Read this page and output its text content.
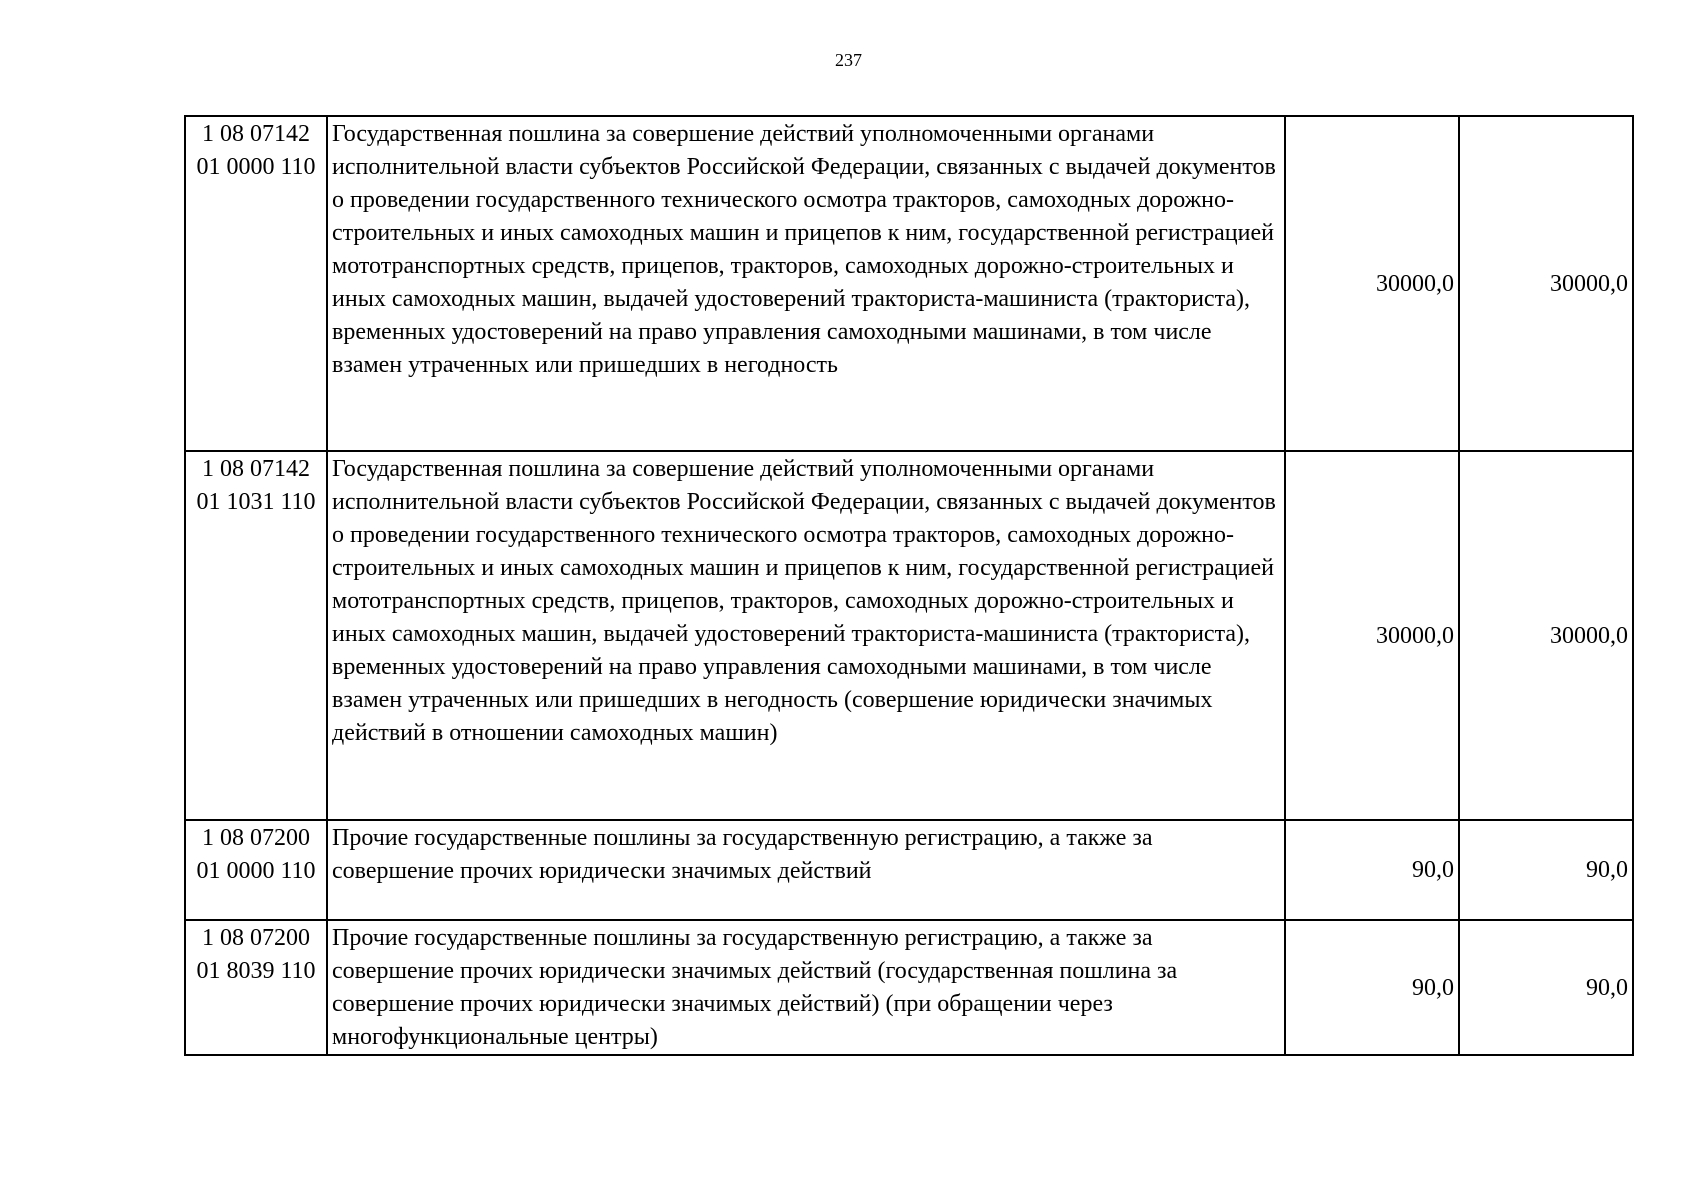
237
1 08 07142
01 0000 110	Государственная пошлина за совершение действий уполномоченными органами исполнительной власти субъектов Российской Федерации, связанных с выдачей документов о проведении государственного технического осмотра тракторов, самоходных дорожно-строительных и иных самоходных машин и прицепов к ним, государственной регистрацией мототранспортных средств, прицепов, тракторов, самоходных дорожно-строительных и иных самоходных машин, выдачей удостоверений тракториста-машиниста (тракториста), временных удостоверений на право управления самоходными машинами, в том числе взамен утраченных или пришедших в негодность	30000,0	30000,0

1 08 07142
01 1031 110	Государственная пошлина за совершение действий уполномоченными органами исполнительной власти субъектов Российской Федерации, связанных с выдачей документов о проведении государственного технического осмотра тракторов, самоходных дорожно-строительных и иных самоходных машин и прицепов к ним, государственной регистрацией мототранспортных средств, прицепов, тракторов, самоходных дорожно-строительных и иных самоходных машин, выдачей удостоверений тракториста-машиниста (тракториста), временных удостоверений на право управления самоходными машинами, в том числе взамен утраченных или пришедших в негодность (совершение юридически значимых действий в отношении самоходных машин)	30000,0	30000,0

1 08 07200
01 0000 110	Прочие государственные пошлины за государственную регистрацию, а также за совершение прочих юридически значимых действий	90,0	90,0

1 08 07200
01 8039 110	Прочие государственные пошлины за государственную регистрацию, а также за совершение прочих юридически значимых действий (государственная пошлина за совершение прочих юридически значимых действий) (при обращении через многофункциональные центры)	90,0	90,0
